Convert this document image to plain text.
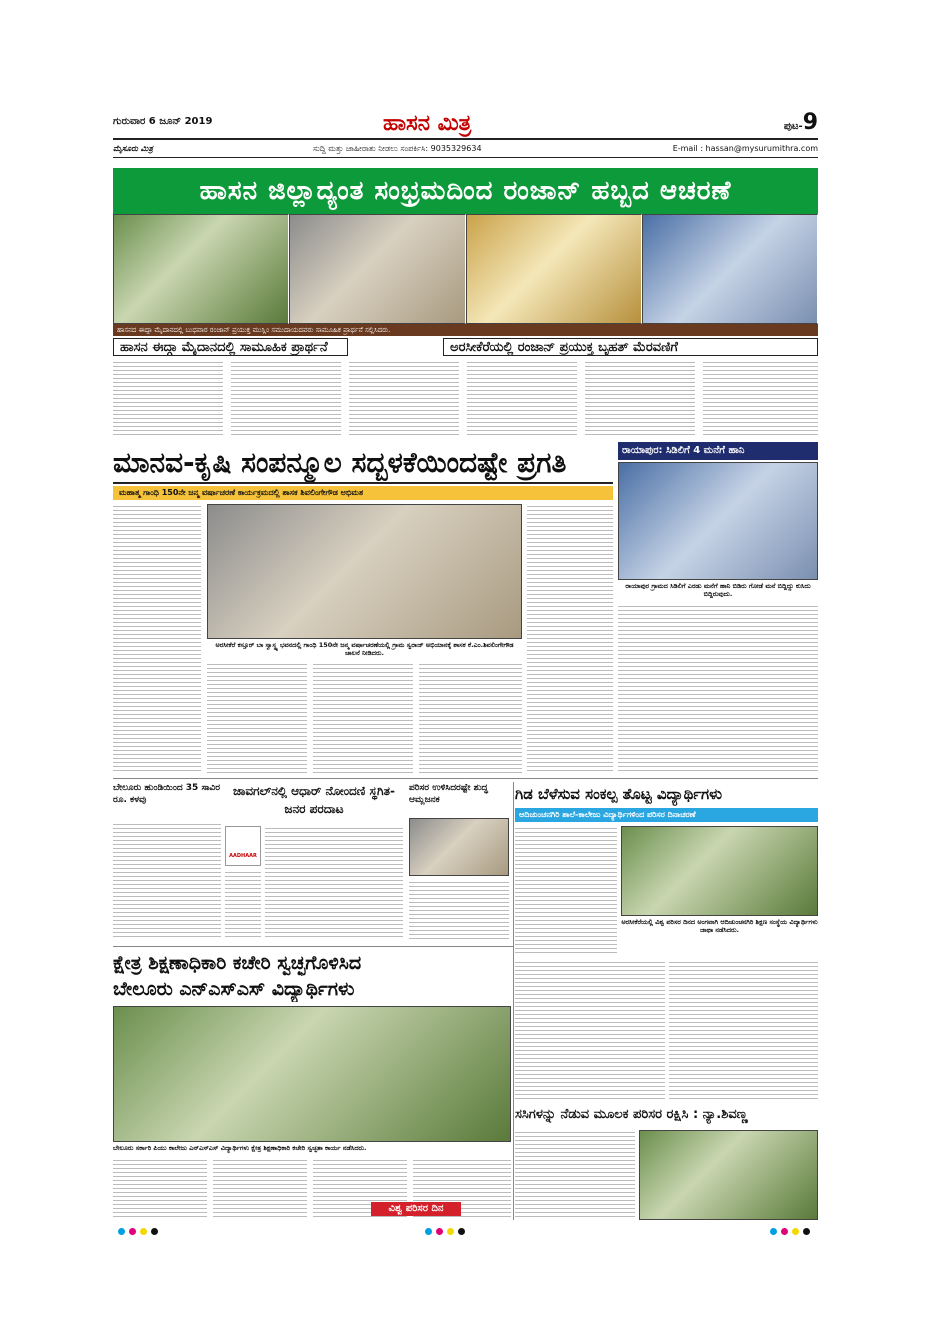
ಗುರುವಾರ 6 ಜೂನ್ 2019	ಹಾಸನ ಮಿತ್ರ	ಪುಟ-9
ಮೈಸೂರು ಮಿತ್ರ	ಸುದ್ದಿ ಮತ್ತು ಜಾಹೀರಾತು ನೀಡಲು ಸಂಪರ್ಕಿಸಿ: 9035329634	E-mail : hassan@mysurumithra.com
ಹಾಸನ ಜಿಲ್ಲಾದ್ಯಂತ ಸಂಭ್ರಮದಿಂದ ರಂಜಾನ್ ಹಬ್ಬದ ಆಚರಣೆ
ಹಾಸನದ ಈದ್ಗಾ ಮೈದಾನದಲ್ಲಿ ಬುಧವಾರ ರಂಜಾನ್ ಪ್ರಯುಕ್ತ ಮುಸ್ಲಿಂ ಸಮುದಾಯದವರು ಸಾಮೂಹಿಕ ಪ್ರಾರ್ಥನೆ ಸಲ್ಲಿಸಿದರು.
ಹಾಸನ ಈದ್ಗಾ ಮೈದಾನದಲ್ಲಿ ಸಾಮೂಹಿಕ ಪ್ರಾರ್ಥನೆ	ಅರಸೀಕೆರೆಯಲ್ಲಿ ರಂಜಾನ್ ಪ್ರಯುಕ್ತ ಬೃಹತ್ ಮೆರವಣಿಗೆ
ಮಾನವ-ಕೃಷಿ ಸಂಪನ್ಮೂಲ ಸದ್ಬಳಕೆಯಿಂದಷ್ಟೇ ಪ್ರಗತಿ
ಮಹಾತ್ಮ ಗಾಂಧಿ 150ನೇ ಜನ್ಮ ವರ್ಷಾಚರಣೆ ಕಾರ್ಯಕ್ರಮದಲ್ಲಿ ಶಾಸಕ ಶಿವಲಿಂಗೇಗೌಡ ಅಭಿಮತ
ಅರಸೀಕೆರೆ ಕಸ್ತೂರ್ ಬಾ ಸ್ವಾಸ್ಥ್ಯ ಭವನದಲ್ಲಿ ಗಾಂಧಿ 150ನೇ ಜನ್ಮ ವರ್ಷಾಚರಣೆಯಲ್ಲಿ ಗ್ರಾಮ ಸ್ವರಾಜ್ ಅಭಿಯಾನಕ್ಕೆ ಶಾಸಕ ಕೆ.ಎಂ.ಶಿವಲಿಂಗೇಗೌಡ ಚಾಲನೆ ನೀಡಿದರು.
ರಾಯಾಪುರ: ಸಿಡಿಲಿಗೆ 4 ಮನೆಗೆ ಹಾನಿ
ರಾಯಾಪುರ ಗ್ರಾಮದ ಸಿಡಿಲಿಗೆ ಎರಡು ಮನೆಗೆ ಹಾನಿ ಬಿಡಿರು ಗೋಡೆ ಮನೆ ಬಿದ್ದಿದ್ದು ಕುಸಿದು ಬಿದ್ದಿರುವುದು.
ಬೇಲೂರು ಹುಂಡಿಯಿಂದ 35 ಸಾವಿರ ರೂ. ಕಳವು
ಜಾವಗಲ್‌ನಲ್ಲಿ ಆಧಾರ್ ನೋಂದಣಿ ಸ್ಥಗಿತ-ಜನರ ಪರದಾಟ
AADHAAR
ಪರಿಸರ ಉಳಿಸಿದರಷ್ಟೇ ಶುದ್ಧ ಆಮ್ಲಜನಕ	ಗಿಡ ಬೆಳೆಸುವ ಸಂಕಲ್ಪ ತೊಟ್ಟ ವಿದ್ಯಾರ್ಥಿಗಳು
ಆದಿಚುಂಚನಗಿರಿ ಶಾಲೆ-ಕಾಲೇಜು ವಿದ್ಯಾರ್ಥಿಗಳಿಂದ ಪರಿಸರ ದಿನಾಚರಣೆ
ಅರಸೀಕೆರೆಯಲ್ಲಿ ವಿಶ್ವ ಪರಿಸರ ದಿನದ ಅಂಗವಾಗಿ ಆದಿಚುಂಚನಗಿರಿ ಶಿಕ್ಷಣ ಸಂಸ್ಥೆಯ ವಿದ್ಯಾರ್ಥಿಗಳು ಜಾಥಾ ನಡೆಸಿದರು.
ಕ್ಷೇತ್ರ ಶಿಕ್ಷಣಾಧಿಕಾರಿ ಕಚೇರಿ ಸ್ವಚ್ಛಗೊಳಿಸಿದ
ಬೇಲೂರು ಎನ್‌ಎಸ್‌ಎಸ್ ವಿದ್ಯಾರ್ಥಿಗಳು
ಬೇಲೂರು ಸರ್ಕಾರಿ ಪಿಯು ಕಾಲೇಜು ಎನ್‌ಎಸ್‌ಎಸ್ ವಿದ್ಯಾರ್ಥಿಗಳು ಕ್ಷೇತ್ರ ಶಿಕ್ಷಣಾಧಿಕಾರಿ ಕಚೇರಿ ಸ್ವಚ್ಛತಾ ಕಾರ್ಯ ನಡೆಸಿದರು.
ವಿಶ್ವ ಪರಿಸರ ದಿನ
ಸಸಿಗಳನ್ನು ನೆಡುವ ಮೂಲಕ ಪರಿಸರ ರಕ್ಷಿಸಿ : ನ್ಯಾ.ಶಿವಣ್ಣ
